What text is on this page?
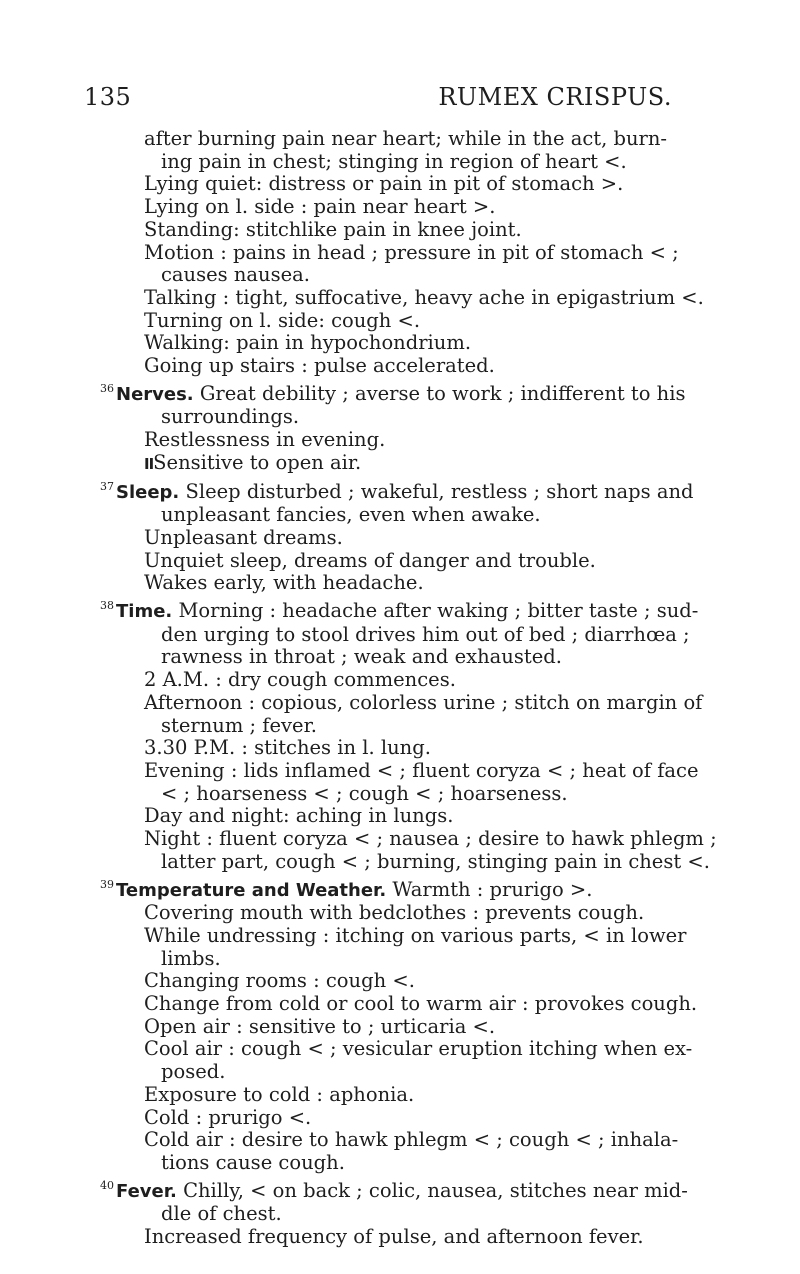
135	RUMEX CRISPUS.
after burning pain near heart; while in the act, burn-
ing pain in chest; stinging in region of heart <.
Lying quiet: distress or pain in pit of stomach >.
Lying on l. side : pain near heart >.
Standing: stitchlike pain in knee joint.
Motion : pains in head ; pressure in pit of stomach < ;
causes nausea.
Talking : tight, suffocative, heavy ache in epigastrium <.
Turning on l. side: cough <.
Walking: pain in hypochondrium.
Going up stairs : pulse accelerated.
$^{36}$ Nerves. Great debility ; averse to work ; indifferent to his
surroundings.
Restlessness in evening.
IISensitive to open air.
$^{37}$ Sleep. Sleep disturbed ; wakeful, restless ; short naps and
unpleasant fancies, even when awake.
Unpleasant dreams.
Unquiet sleep, dreams of danger and trouble.
Wakes early, with headache.
$^{38}$ Time. Morning : headache after waking ; bitter taste ; sud-
den urging to stool drives him out of bed ; diarrhœa ;
rawness in throat ; weak and exhausted.
2 A.M. : dry cough commences.
Afternoon : copious, colorless urine ; stitch on margin of
sternum ; fever.
3.30 P.M. : stitches in l. lung.
Evening : lids inflamed < ; fluent coryza < ; heat of face
< ; hoarseness < ; cough < ; hoarseness.
Day and night: aching in lungs.
Night : fluent coryza < ; nausea ; desire to hawk phlegm ;
latter part, cough < ; burning, stinging pain in chest <.
$^{39}$ Temperature and Weather. Warmth : prurigo >.
Covering mouth with bedclothes : prevents cough.
While undressing : itching on various parts, < in lower
limbs.
Changing rooms : cough <.
Change from cold or cool to warm air : provokes cough.
Open air : sensitive to ; urticaria <.
Cool air : cough < ; vesicular eruption itching when ex-
posed.
Exposure to cold : aphonia.
Cold : prurigo <.
Cold air : desire to hawk phlegm < ; cough < ; inhala-
tions cause cough.
$^{40}$ Fever. Chilly, < on back ; colic, nausea, stitches near mid-
dle of chest.
Increased frequency of pulse, and afternoon fever.
